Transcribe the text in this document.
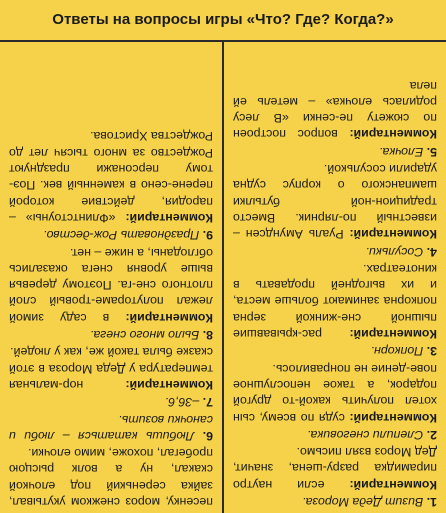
Ответы на вопросы игры «Что? Где? Когда?»

1. Визит Деда Мороза.

Комментарий: если наутро пирамидка разру-шена, значит, Дед Мороз взял письмо.

2. Слепили снеговика.

Комментарий: судя по всему, сын хотел получить какой-то другой подарок, а такое непослушное пове-дение не понравилось.

3. Попкорн.

Комментарий: рас-крывавшие пышной сне-жинкой зерна попкорна занимают больше места, и их выгодней продавать в кинотеатрах.

4. Сосульки.

Комментарий: Руаль Амундсен – известный по-лярник. Вместо традицион-ной бутылки шампанского о корпус судна ударили сосулькой.

5. Елочка.

Комментарий: вопрос построен по сюжету пе-сенки «В лесу родилась елочка» – метель ей пела

песенку, мороз снежком укутывал, зайка серенький под елочкой скакал, ну а волк рысцою пробегал, похоже, мимо елочки.

6. Любишь кататься – люби и саночки возить.

7. –36,6.

Комментарий: нор-мальная температура у Деда Мороза в этой сказке была такой же, как у людей.

8. Было много снега.

Комментарий: в саду зимой лежал полутораме-тровый слой плотного сне-га. Поэтому деревья выше уровня снега оказались обглоданы, а ниже – нет.

9. Праздновать Рож-дество.

Комментарий: «Флинтстоуны» – пародия, действие которой перене-сено в каменный век. Поэ-тому персонажи празднуют Рождество за много тысяч лет до Рождества Христова.
